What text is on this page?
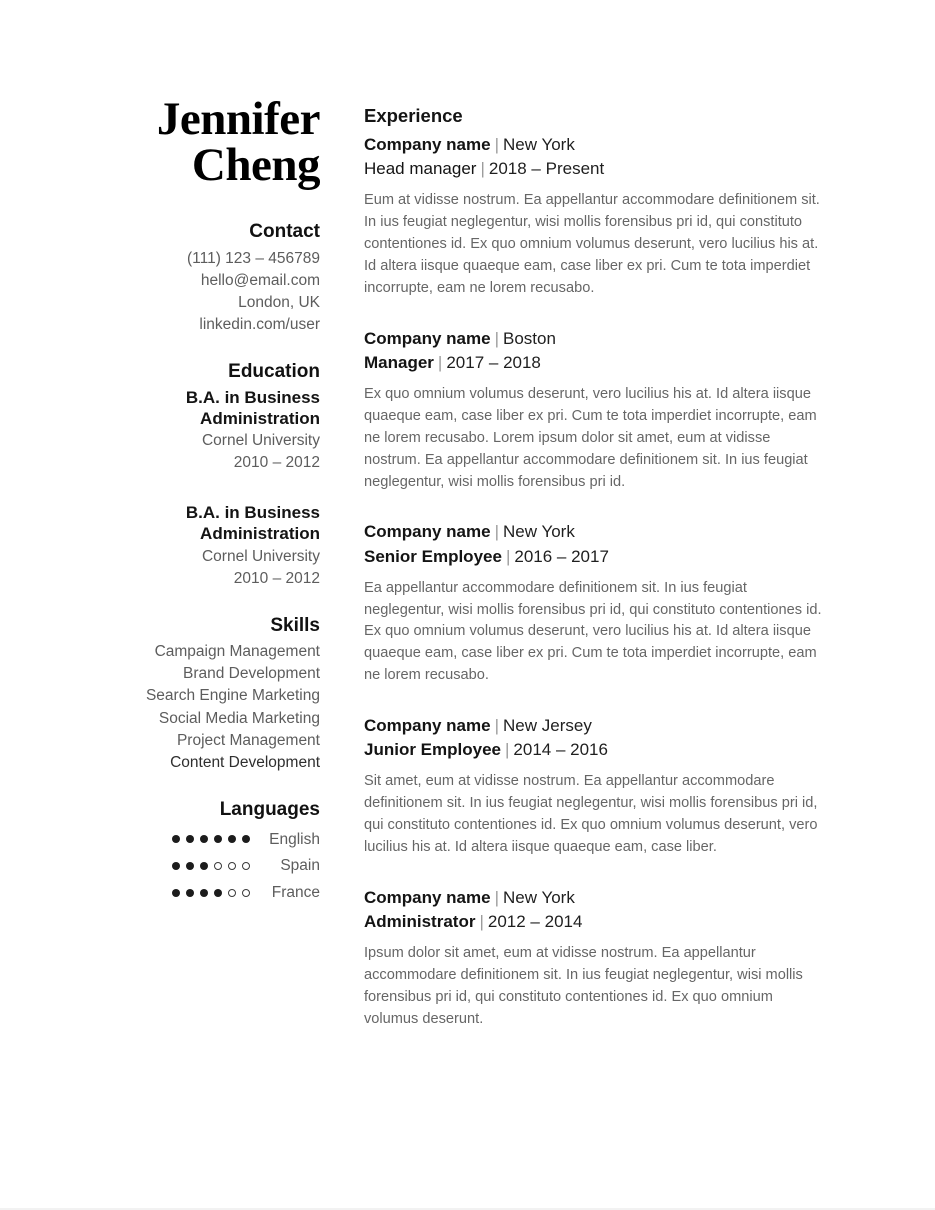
Jennifer
Cheng
Contact
(111) 123 – 456789
hello@email.com
London, UK
linkedin.com/user
Education
B.A. in Business Administration
Cornel University
2010 – 2012
B.A. in Business Administration
Cornel University
2010 – 2012
Skills
Campaign Management
Brand Development
Search Engine Marketing
Social Media Marketing
Project Management
Content Development
Languages
English
Spain
France
Experience
Company name | New York
Head manager | 2018 – Present

Eum at vidisse nostrum. Ea appellantur accommodare definitionem sit. In ius feugiat neglegentur, wisi mollis forensibus pri id, qui constituto contentiones id. Ex quo omnium volumus deserunt, vero lucilius his at. Id altera iisque quaeque eam, case liber ex pri. Cum te tota imperdiet incorrupte, eam ne lorem recusabo.

Company name | Boston
Manager | 2017 – 2018

Ex quo omnium volumus deserunt, vero lucilius his at. Id altera iisque quaeque eam, case liber ex pri. Cum te tota imperdiet incorrupte, eam ne lorem recusabo. Lorem ipsum dolor sit amet, eum at vidisse nostrum. Ea appellantur accommodare definitionem sit. In ius feugiat neglegentur, wisi mollis forensibus pri id.

Company name | New York
Senior Employee | 2016 – 2017

Ea appellantur accommodare definitionem sit. In ius feugiat neglegentur, wisi mollis forensibus pri id, qui constituto contentiones id. Ex quo omnium volumus deserunt, vero lucilius his at. Id altera iisque quaeque eam, case liber ex pri. Cum te tota imperdiet incorrupte, eam ne lorem recusabo.

Company name | New Jersey
Junior Employee | 2014 – 2016

Sit amet, eum at vidisse nostrum. Ea appellantur accommodare definitionem sit. In ius feugiat neglegentur, wisi mollis forensibus pri id, qui constituto contentiones id. Ex quo omnium volumus deserunt, vero lucilius his at. Id altera iisque quaeque eam, case liber.

Company name | New York
Administrator | 2012 – 2014

Ipsum dolor sit amet, eum at vidisse nostrum. Ea appellantur accommodare definitionem sit. In ius feugiat neglegentur, wisi mollis forensibus pri id, qui constituto contentiones id. Ex quo omnium volumus deserunt.
